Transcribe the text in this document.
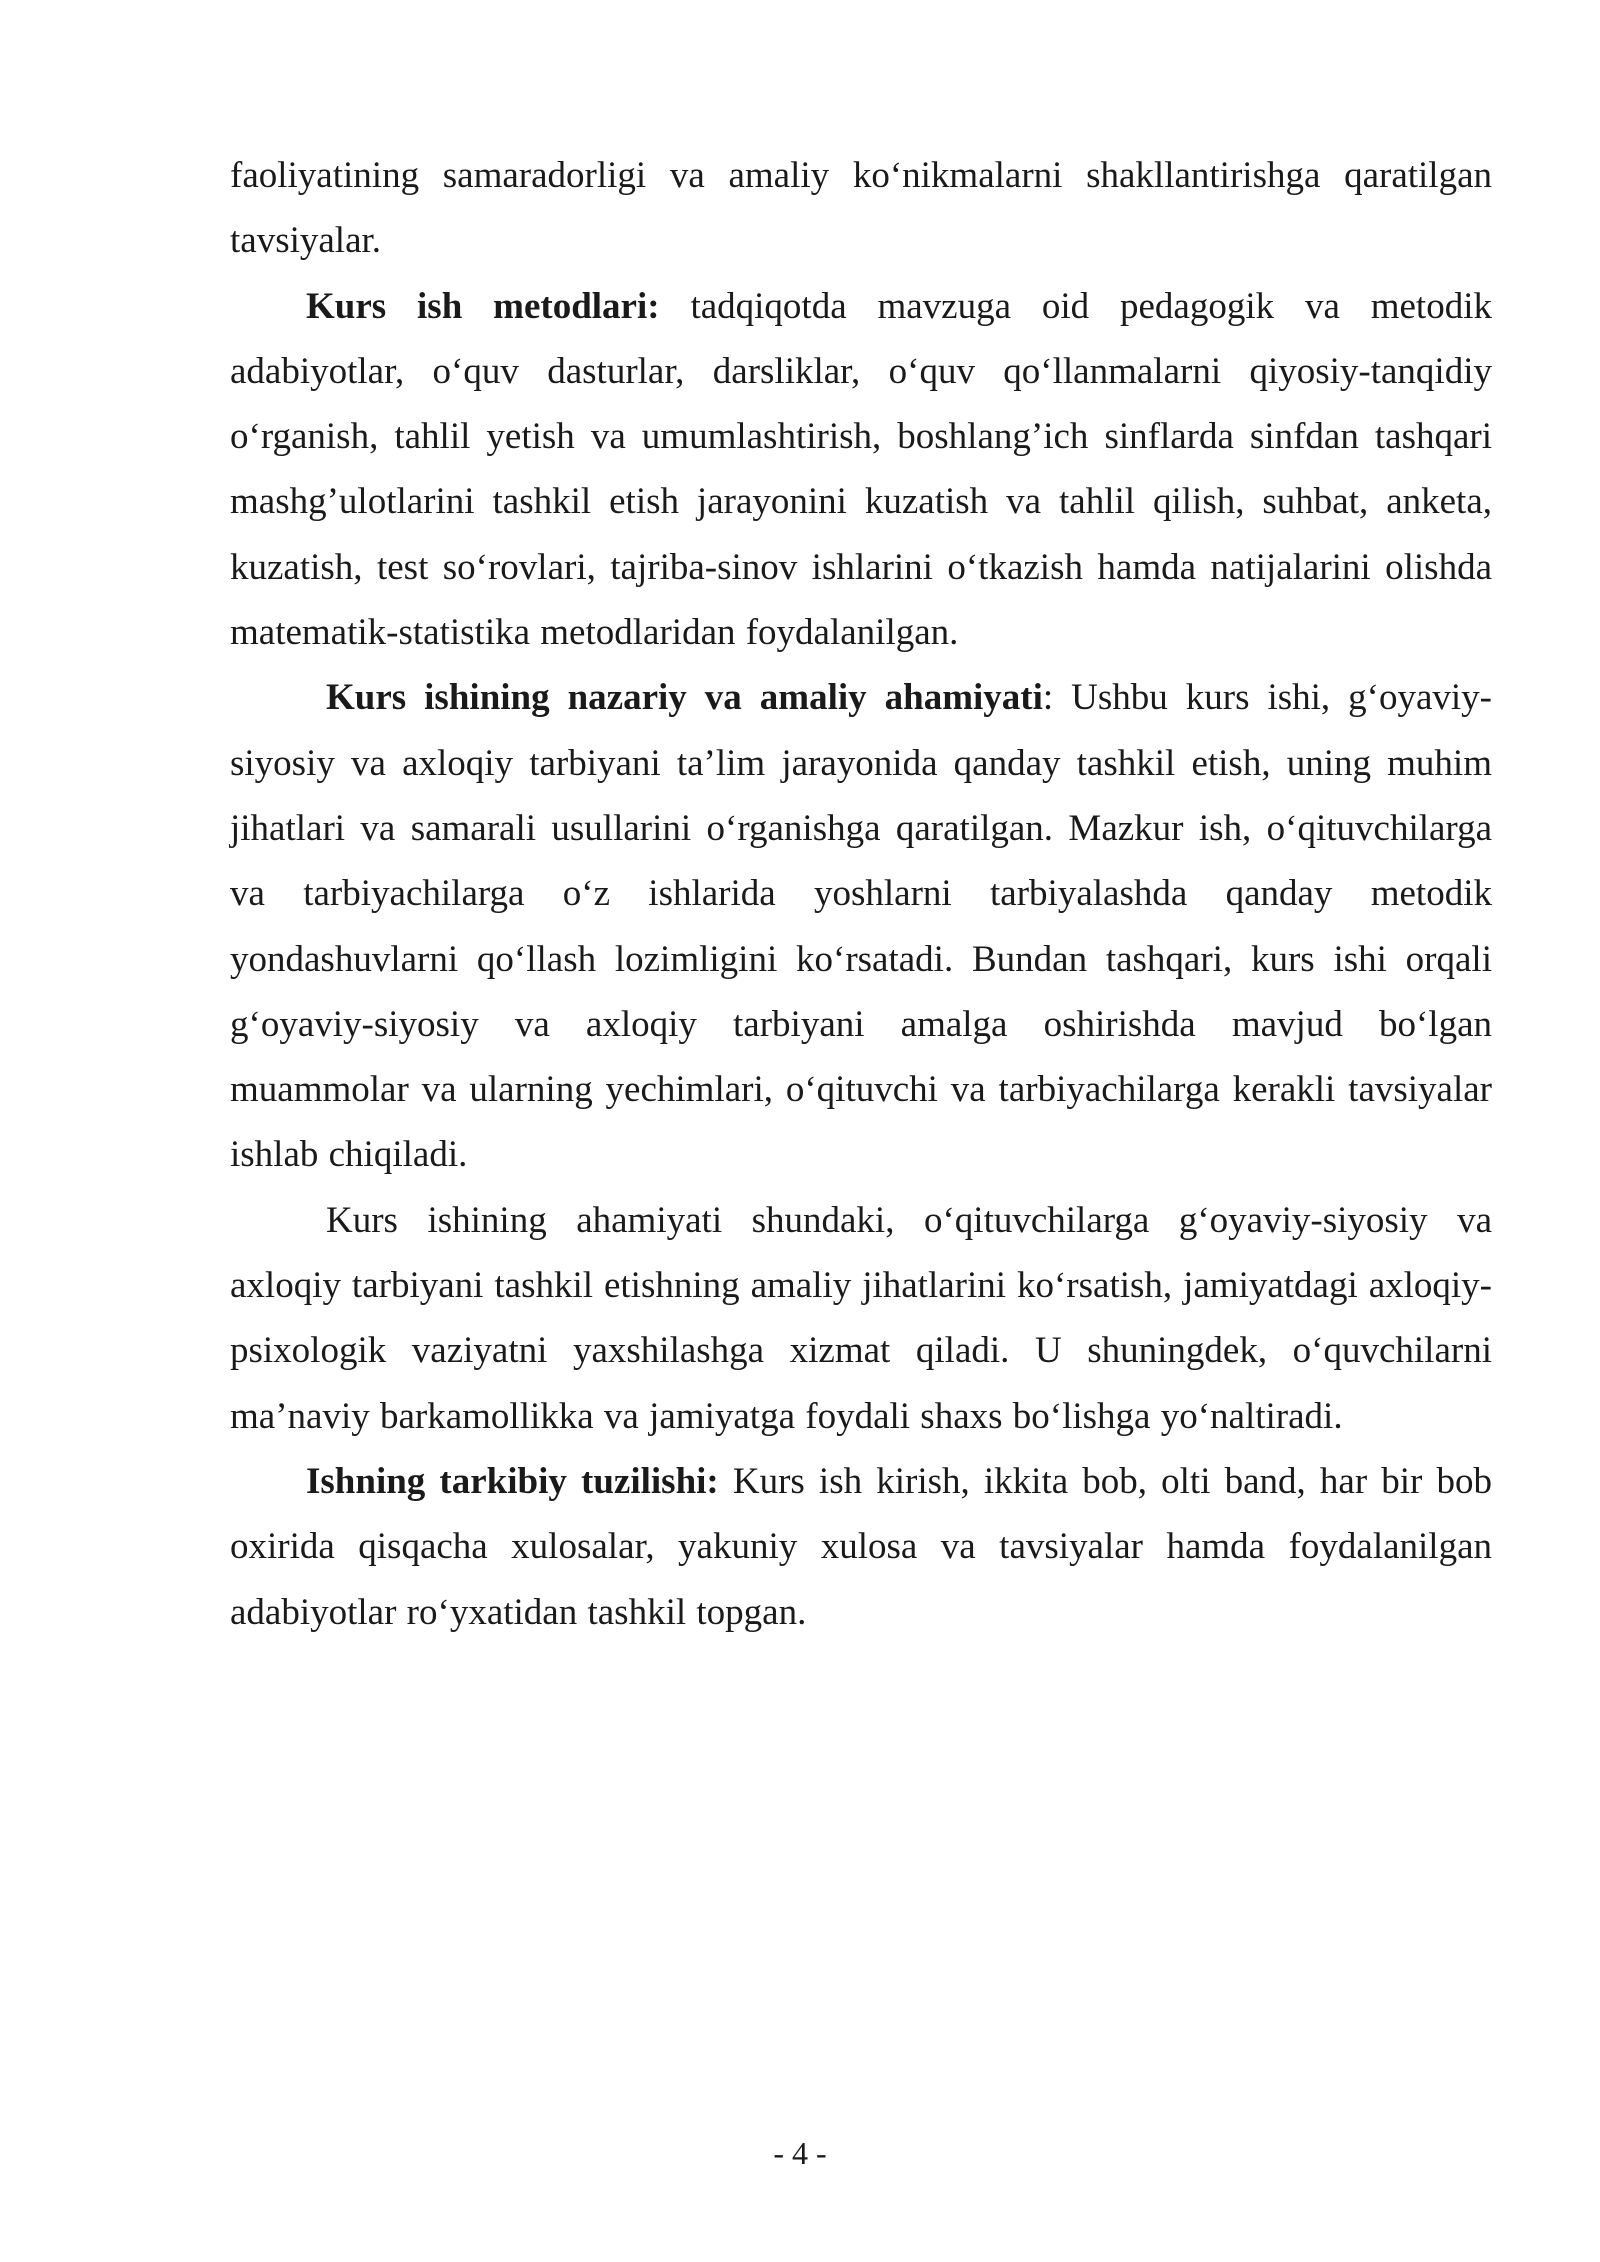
faoliyatining samaradorligi va amaliy ko‘nikmalarni shakllantirishga qaratilgan tavsiyalar.

Kurs ish metodlari: tadqiqotda mavzuga oid pedagogik va metodik adabiyotlar, o‘quv dasturlar, darsliklar, o‘quv qo‘llanmalarni qiyosiy-tanqidiy o‘rganish, tahlil yetish va umumlashtirish, boshlang’ich sinflarda sinfdan tashqari mashg’ulotlarini tashkil etish jarayonini kuzatish va tahlil qilish, suhbat, anketa, kuzatish, test so‘rovlari, tajriba-sinov ishlarini o‘tkazish hamda natijalarini olishda matematik-statistika metodlaridan foydalanilgan.

Kurs ishining nazariy va amaliy ahamiyati: Ushbu kurs ishi, g‘oyaviy-siyosiy va axloqiy tarbiyani ta’lim jarayonida qanday tashkil etish, uning muhim jihatlari va samarali usullarini o‘rganishga qaratilgan. Mazkur ish, o‘qituvchilarga va tarbiyachilarga o‘z ishlarida yoshlarni tarbiyalashda qanday metodik yondashuvlarni qo‘llash lozimligini ko‘rsatadi. Bundan tashqari, kurs ishi orqali g‘oyaviy-siyosiy va axloqiy tarbiyani amalga oshirishda mavjud bo‘lgan muammolar va ularning yechimlari, o‘qituvchi va tarbiyachilarga kerakli tavsiyalar ishlab chiqiladi.

Kurs ishining ahamiyati shundaki, o‘qituvchilarga g‘oyaviy-siyosiy va axloqiy tarbiyani tashkil etishning amaliy jihatlarini ko‘rsatish, jamiyatdagi axloqiy-psixologik vaziyatni yaxshilashga xizmat qiladi. U shuningdek, o‘quvchilarni ma’naviy barkamollikka va jamiyatga foydali shaxs bo‘lishga yo‘naltiradi.

Ishning tarkibiy tuzilishi: Kurs ish kirish, ikkita bob, olti band, har bir bob oxirida qisqacha xulosalar, yakuniy xulosa va tavsiyalar hamda foydalanilgan adabiyotlar ro‘yxatidan tashkil topgan.

- 4 -
